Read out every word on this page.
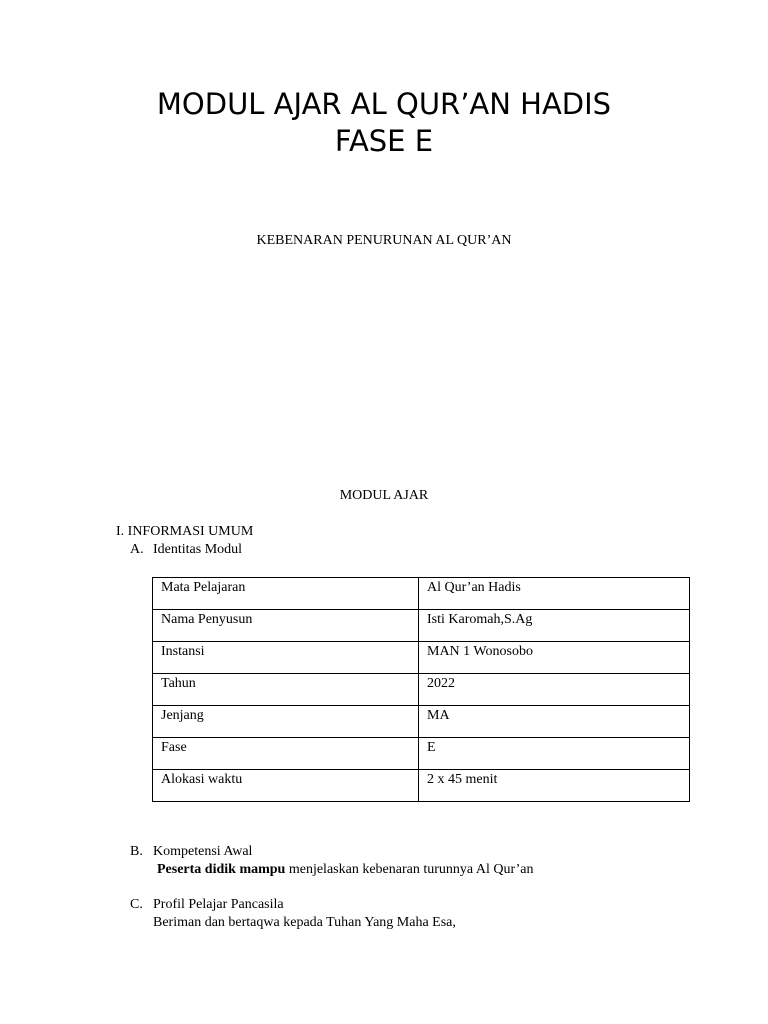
MODUL AJAR AL QUR’AN HADIS
FASE E
KEBENARAN PENURUNAN AL QUR’AN
MODUL AJAR
I. INFORMASI UMUM
A. Identitas Modul
Mata Pelajaran	Al Qur’an Hadis
Nama Penyusun	Isti Karomah,S.Ag
Instansi	MAN 1 Wonosobo
Tahun	2022
Jenjang	MA
Fase	E
Alokasi waktu	2 x 45 menit
B. Kompetensi Awal
Peserta didik mampu menjelaskan kebenaran turunnya Al Qur’an
C. Profil Pelajar Pancasila
Beriman dan bertaqwa kepada Tuhan Yang Maha Esa,
